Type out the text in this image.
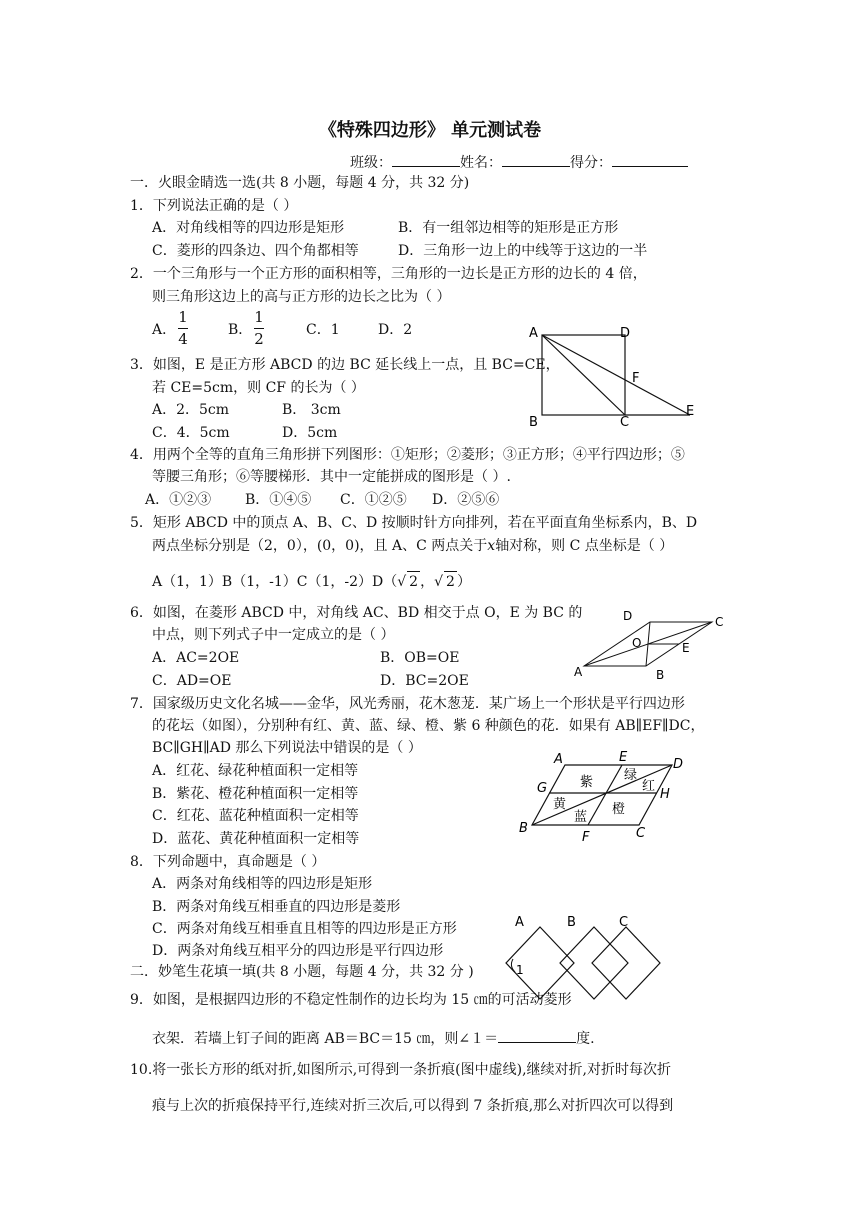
《特殊四边形》 单元测试卷
班级：	姓名：	得分：
一．火眼金睛选一选(共 8 小题，每题 4 分，共 32 分)
1．下列说法正确的是（ ）
A．对角线相等的四边形是矩形	B．有一组邻边相等的矩形是正方形
C．菱形的四条边、四个角都相等	D．三角形一边上的中线等于这边的一半
2．一个三角形与一个正方形的面积相等，三角形的一边长是正方形的边长的 4 倍，
则三角形这边上的高与正方形的边长之比为（ ）
A．
1
4	B．
1
2	C．1	D．2
3．如图，E 是正方形 ABCD 的边 BC 延长线上一点，且 BC=CE，
若 CE=5cm，则 CF 的长为（ ）
A．2．5cm	B． 3cm
C．4．5cm	D．5cm
A	D
F
B	C
E
4．用两个全等的直角三角形拼下列图形：①矩形；②菱形；③正方形；④平行四边形；⑤
等腰三角形；⑥等腰梯形．其中一定能拼成的图形是（ ）.
A．①②③ B．①④⑤ C．①②⑤ D．②⑤⑥
5．矩形 ABCD 中的顶点 A、B、C、D 按顺时针方向排列，若在平面直角坐标系内，B、D
两点坐标分别是（2，0），(0，0)，且 A、C 两点关于x轴对称，则 C 点坐标是（ ）
A（1，1）B（1，-1）C（1，-2）D（√ 2 ，√ 2 ）
6．如图，在菱形 ABCD 中，对角线 AC、BD 相交于点 O，E 为 BC 的
中点，则下列式子中一定成立的是（ ）
A．AC=2OE	B．OB=OE
C．AD=OE	D．BC=2OE
D	C
O	E
A	B
7．国家级历史文化名城——金华，风光秀丽，花木葱茏．某广场上一个形状是平行四边形
的花坛（如图），分别种有红、黄、蓝、绿、橙、紫 6 种颜色的花．如果有 AB∥EF∥DC，
BC∥GH∥AD 那么下列说法中错误的是（ ）
A．红花、绿花种植面积一定相等
B．紫花、橙花种植面积一定相等
C．红花、蓝花种植面积一定相等
D．蓝花、黄花种植面积一定相等
A	E	D
G	H
B
F	C
紫 绿
红
黄	橙
蓝
8．下列命题中，真命题是（ ）
A．两条对角线相等的四边形是矩形
B．两条对角线互相垂直的四边形是菱形
C．两条对角线互相垂直且相等的四边形是正方形
D．两条对角线互相平分的四边形是平行四边形
A	B	C
1
二．妙笔生花填一填(共 8 小题，每题 4 分，共 32 分 )
9．如图，是根据四边形的不稳定性制作的边长均为 15 ㎝的可活动菱形
衣架．若墙上钉子间的距离 AB＝BC＝15 ㎝，则∠１＝	度.
10.将一张长方形的纸对折,如图所示,可得到一条折痕(图中虚线),继续对折,对折时每次折
痕与上次的折痕保持平行,连续对折三次后,可以得到 7 条折痕,那么对折四次可以得到
